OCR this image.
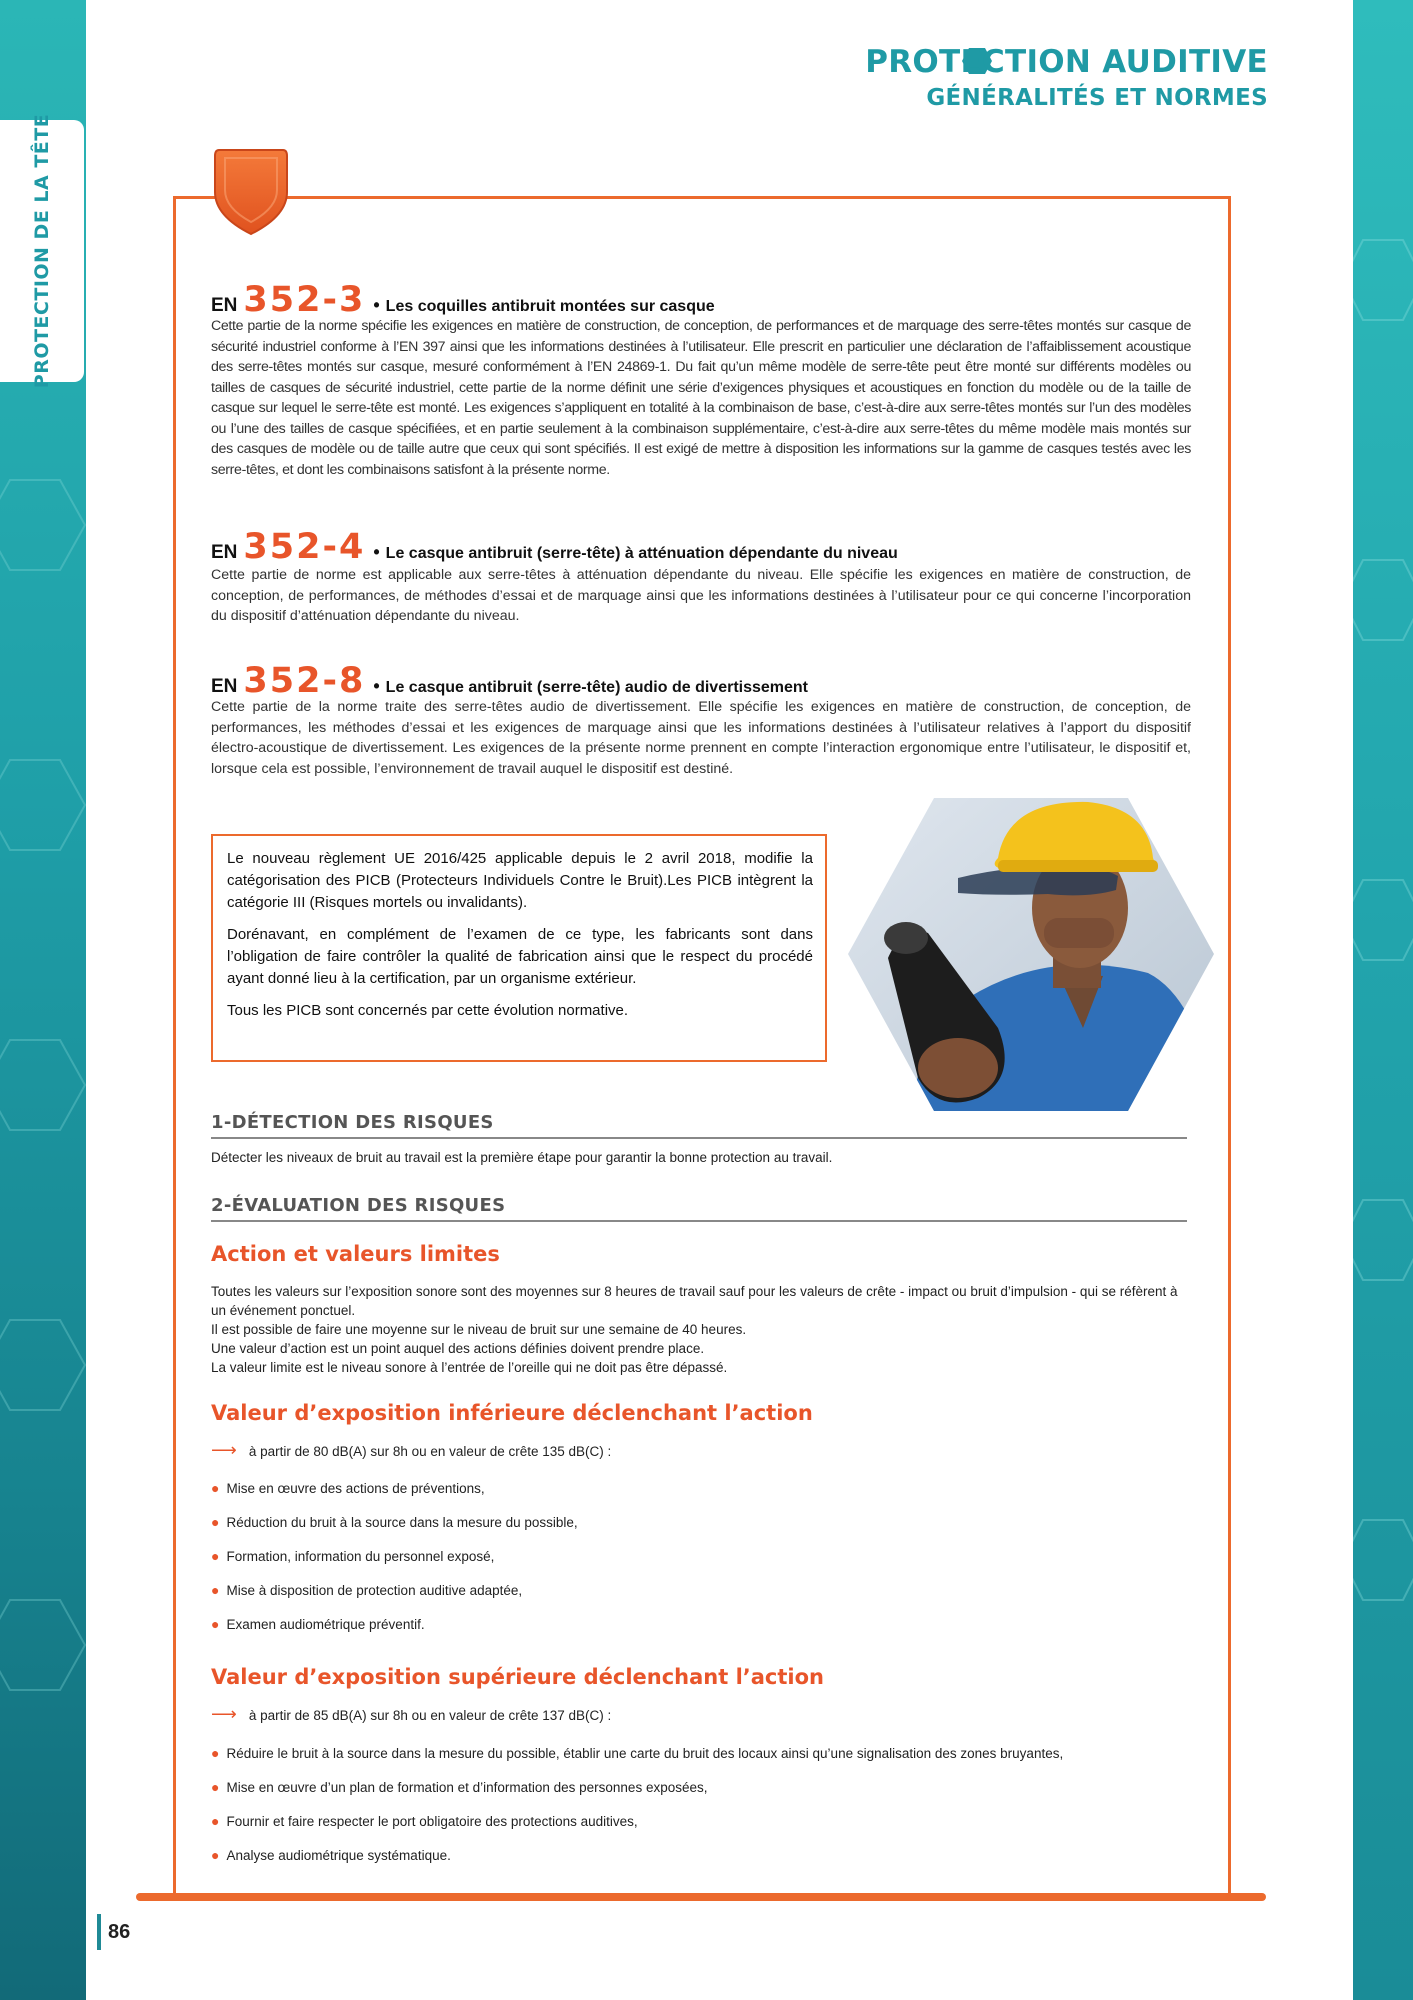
PROTECTION DE LA TÊTE
PROTECTION AUDITIVE
GÉNÉRALITÉS ET NORMES
EN 352-3	• Les coquilles antibruit montées sur casque
Cette partie de la norme spécifie les exigences en matière de construction, de conception, de performances et de marquage des serre-têtes montés sur casque de sécurité industriel conforme à l’EN 397 ainsi que les informations destinées à l’utilisateur. Elle prescrit en particulier une déclaration de l’affaiblissement acoustique des serre-têtes montés sur casque, mesuré conformément à l’EN 24869-1. Du fait qu’un même modèle de serre-tête peut être monté sur différents modèles ou tailles de casques de sécurité industriel, cette partie de la norme définit une série d’exigences physiques et acoustiques en fonction du modèle ou de la taille de casque sur lequel le serre-tête est monté. Les exigences s’appliquent en totalité à la combinaison de base, c’est-à-dire aux serre-têtes montés sur l’un des modèles ou l’une des tailles de casque spécifiées, et en partie seulement à la combinaison supplémentaire, c’est-à-dire aux serre-têtes du même modèle mais montés sur des casques de modèle ou de taille autre que ceux qui sont spécifiés. Il est exigé de mettre à disposition les informations sur la gamme de casques testés avec les serre-têtes, et dont les combinaisons satisfont à la présente norme.
EN 352-4	• Le casque antibruit (serre-tête) à atténuation dépendante du niveau
Cette partie de norme est applicable aux serre-têtes à atténuation dépendante du niveau. Elle spécifie les exigences en matière de construction, de conception, de performances, de méthodes d’essai et de marquage ainsi que les informations destinées à l’utilisateur pour ce qui concerne l’incorporation du dispositif d’atténuation dépendante du niveau.
EN 352-8	• Le casque antibruit (serre-tête) audio de divertissement
Cette partie de la norme traite des serre-têtes audio de divertissement. Elle spécifie les exigences en matière de construction, de conception, de performances, les méthodes d’essai et les exigences de marquage ainsi que les informations destinées à l’utilisateur relatives à l’apport du dispositif électro-acoustique de divertissement. Les exigences de la présente norme prennent en compte l’interaction ergonomique entre l’utilisateur, le dispositif et, lorsque cela est possible, l’environnement de travail auquel le dispositif est destiné.

Le nouveau règlement UE 2016/425 applicable depuis le 2 avril 2018, modifie la catégorisation des PICB (Protecteurs Individuels Contre le Bruit).Les PICB intègrent la catégorie III (Risques mortels ou invalidants).

Dorénavant, en complément de l’examen de ce type, les fabricants sont dans l’obligation de faire contrôler la qualité de fabrication ainsi que le respect du procédé ayant donné lieu à la certification, par un organisme extérieur.

Tous les PICB sont concernés par cette évolution normative.

1-DÉTECTION DES RISQUES
Détecter les niveaux de bruit au travail est la première étape pour garantir la bonne protection au travail.
2-ÉVALUATION DES RISQUES
Action et valeurs limites
Toutes les valeurs sur l’exposition sonore sont des moyennes sur 8 heures de travail sauf pour les valeurs de crête - impact ou bruit d’impulsion - qui se réfèrent à un événement ponctuel.
Il est possible de faire une moyenne sur le niveau de bruit sur une semaine de 40 heures.
Une valeur d’action est un point auquel des actions définies doivent prendre place.
La valeur limite est le niveau sonore à l’entrée de l’oreille qui ne doit pas être dépassé.
Valeur d’exposition inférieure déclenchant l’action
⟶ à partir de 80 dB(A) sur 8h ou en valeur de crête 135 dB(C) :
● Mise en œuvre des actions de préventions,
● Réduction du bruit à la source dans la mesure du possible,
● Formation, information du personnel exposé,
● Mise à disposition de protection auditive adaptée,
● Examen audiométrique préventif.
Valeur d’exposition supérieure déclenchant l’action
⟶ à partir de 85 dB(A) sur 8h ou en valeur de crête 137 dB(C) :
● Réduire le bruit à la source dans la mesure du possible, établir une carte du bruit des locaux ainsi qu’une signalisation des zones bruyantes,
● Mise en œuvre d’un plan de formation et d’information des personnes exposées,
● Fournir et faire respecter le port obligatoire des protections auditives,
● Analyse audiométrique systématique.
86
